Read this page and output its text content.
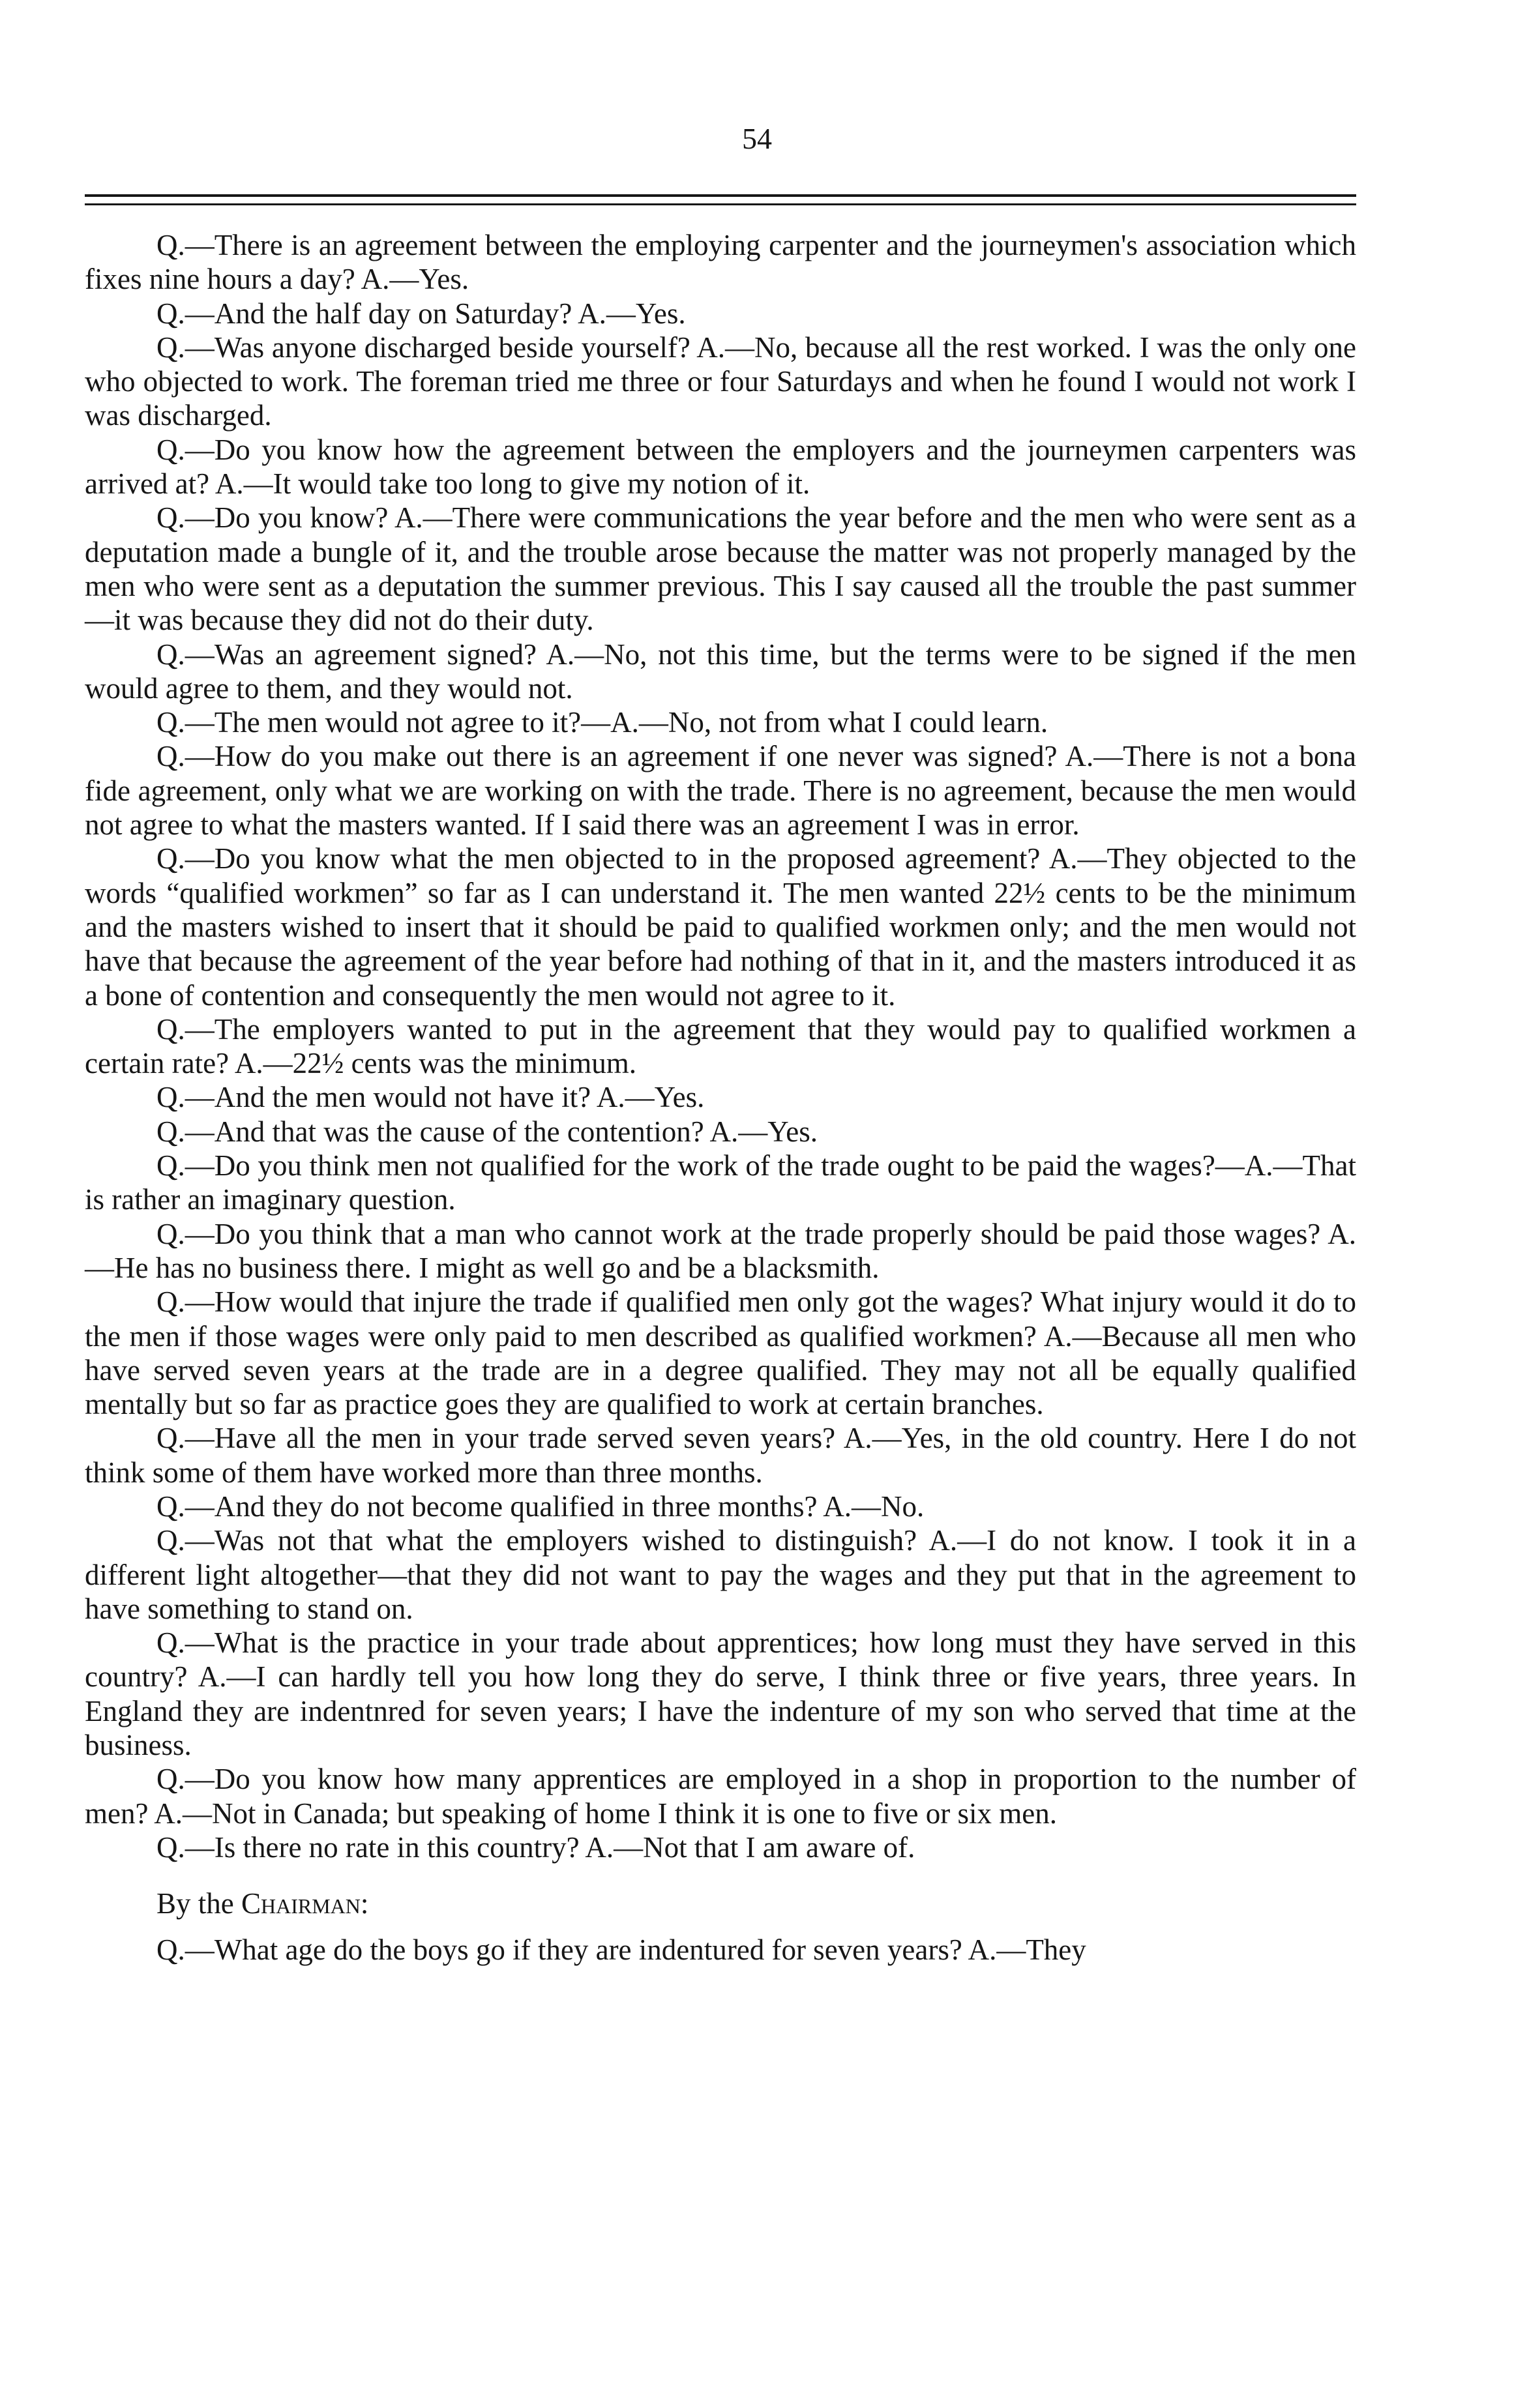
54

Q.—There is an agreement between the employing carpenter and the journeymen's association which fixes nine hours a day? A.—Yes.

Q.—And the half day on Saturday? A.—Yes.

Q.—Was anyone discharged beside yourself? A.—No, because all the rest worked. I was the only one who objected to work. The foreman tried me three or four Saturdays and when he found I would not work I was discharged.

Q.—Do you know how the agreement between the employers and the journeymen carpenters was arrived at? A.—It would take too long to give my notion of it.

Q.—Do you know? A.—There were communications the year before and the men who were sent as a deputation made a bungle of it, and the trouble arose because the matter was not properly managed by the men who were sent as a deputation the summer previous. This I say caused all the trouble the past summer—it was because they did not do their duty.

Q.—Was an agreement signed? A.—No, not this time, but the terms were to be signed if the men would agree to them, and they would not.

Q.—The men would not agree to it?—A.—No, not from what I could learn.

Q.—How do you make out there is an agreement if one never was signed? A.—There is not a bona fide agreement, only what we are working on with the trade. There is no agreement, because the men would not agree to what the masters wanted. If I said there was an agreement I was in error.

Q.—Do you know what the men objected to in the proposed agreement? A.—They objected to the words “qualified workmen” so far as I can understand it. The men wanted 22½ cents to be the minimum and the masters wished to insert that it should be paid to qualified workmen only; and the men would not have that because the agreement of the year before had nothing of that in it, and the masters introduced it as a bone of contention and consequently the men would not agree to it.

Q.—The employers wanted to put in the agreement that they would pay to qualified workmen a certain rate? A.—22½ cents was the minimum.

Q.—And the men would not have it? A.—Yes.

Q.—And that was the cause of the contention? A.—Yes.

Q.—Do you think men not qualified for the work of the trade ought to be paid the wages?—A.—That is rather an imaginary question.

Q.—Do you think that a man who cannot work at the trade properly should be paid those wages? A.—He has no business there. I might as well go and be a blacksmith.

Q.—How would that injure the trade if qualified men only got the wages? What injury would it do to the men if those wages were only paid to men described as qualified workmen? A.—Because all men who have served seven years at the trade are in a degree qualified. They may not all be equally qualified mentally but so far as practice goes they are qualified to work at certain branches.

Q.—Have all the men in your trade served seven years? A.—Yes, in the old country. Here I do not think some of them have worked more than three months.

Q.—And they do not become qualified in three months? A.—No.

Q.—Was not that what the employers wished to distinguish? A.—I do not know. I took it in a different light altogether—that they did not want to pay the wages and they put that in the agreement to have something to stand on.

Q.—What is the practice in your trade about apprentices; how long must they have served in this country? A.—I can hardly tell you how long they do serve, I think three or five years, three years. In England they are indentnred for seven years; I have the indenture of my son who served that time at the business.

Q.—Do you know how many apprentices are employed in a shop in proportion to the number of men? A.—Not in Canada; but speaking of home I think it is one to five or six men.

Q.—Is there no rate in this country? A.—Not that I am aware of.

By the Chairman:

Q.—What age do the boys go if they are indentured for seven years? A.—They
